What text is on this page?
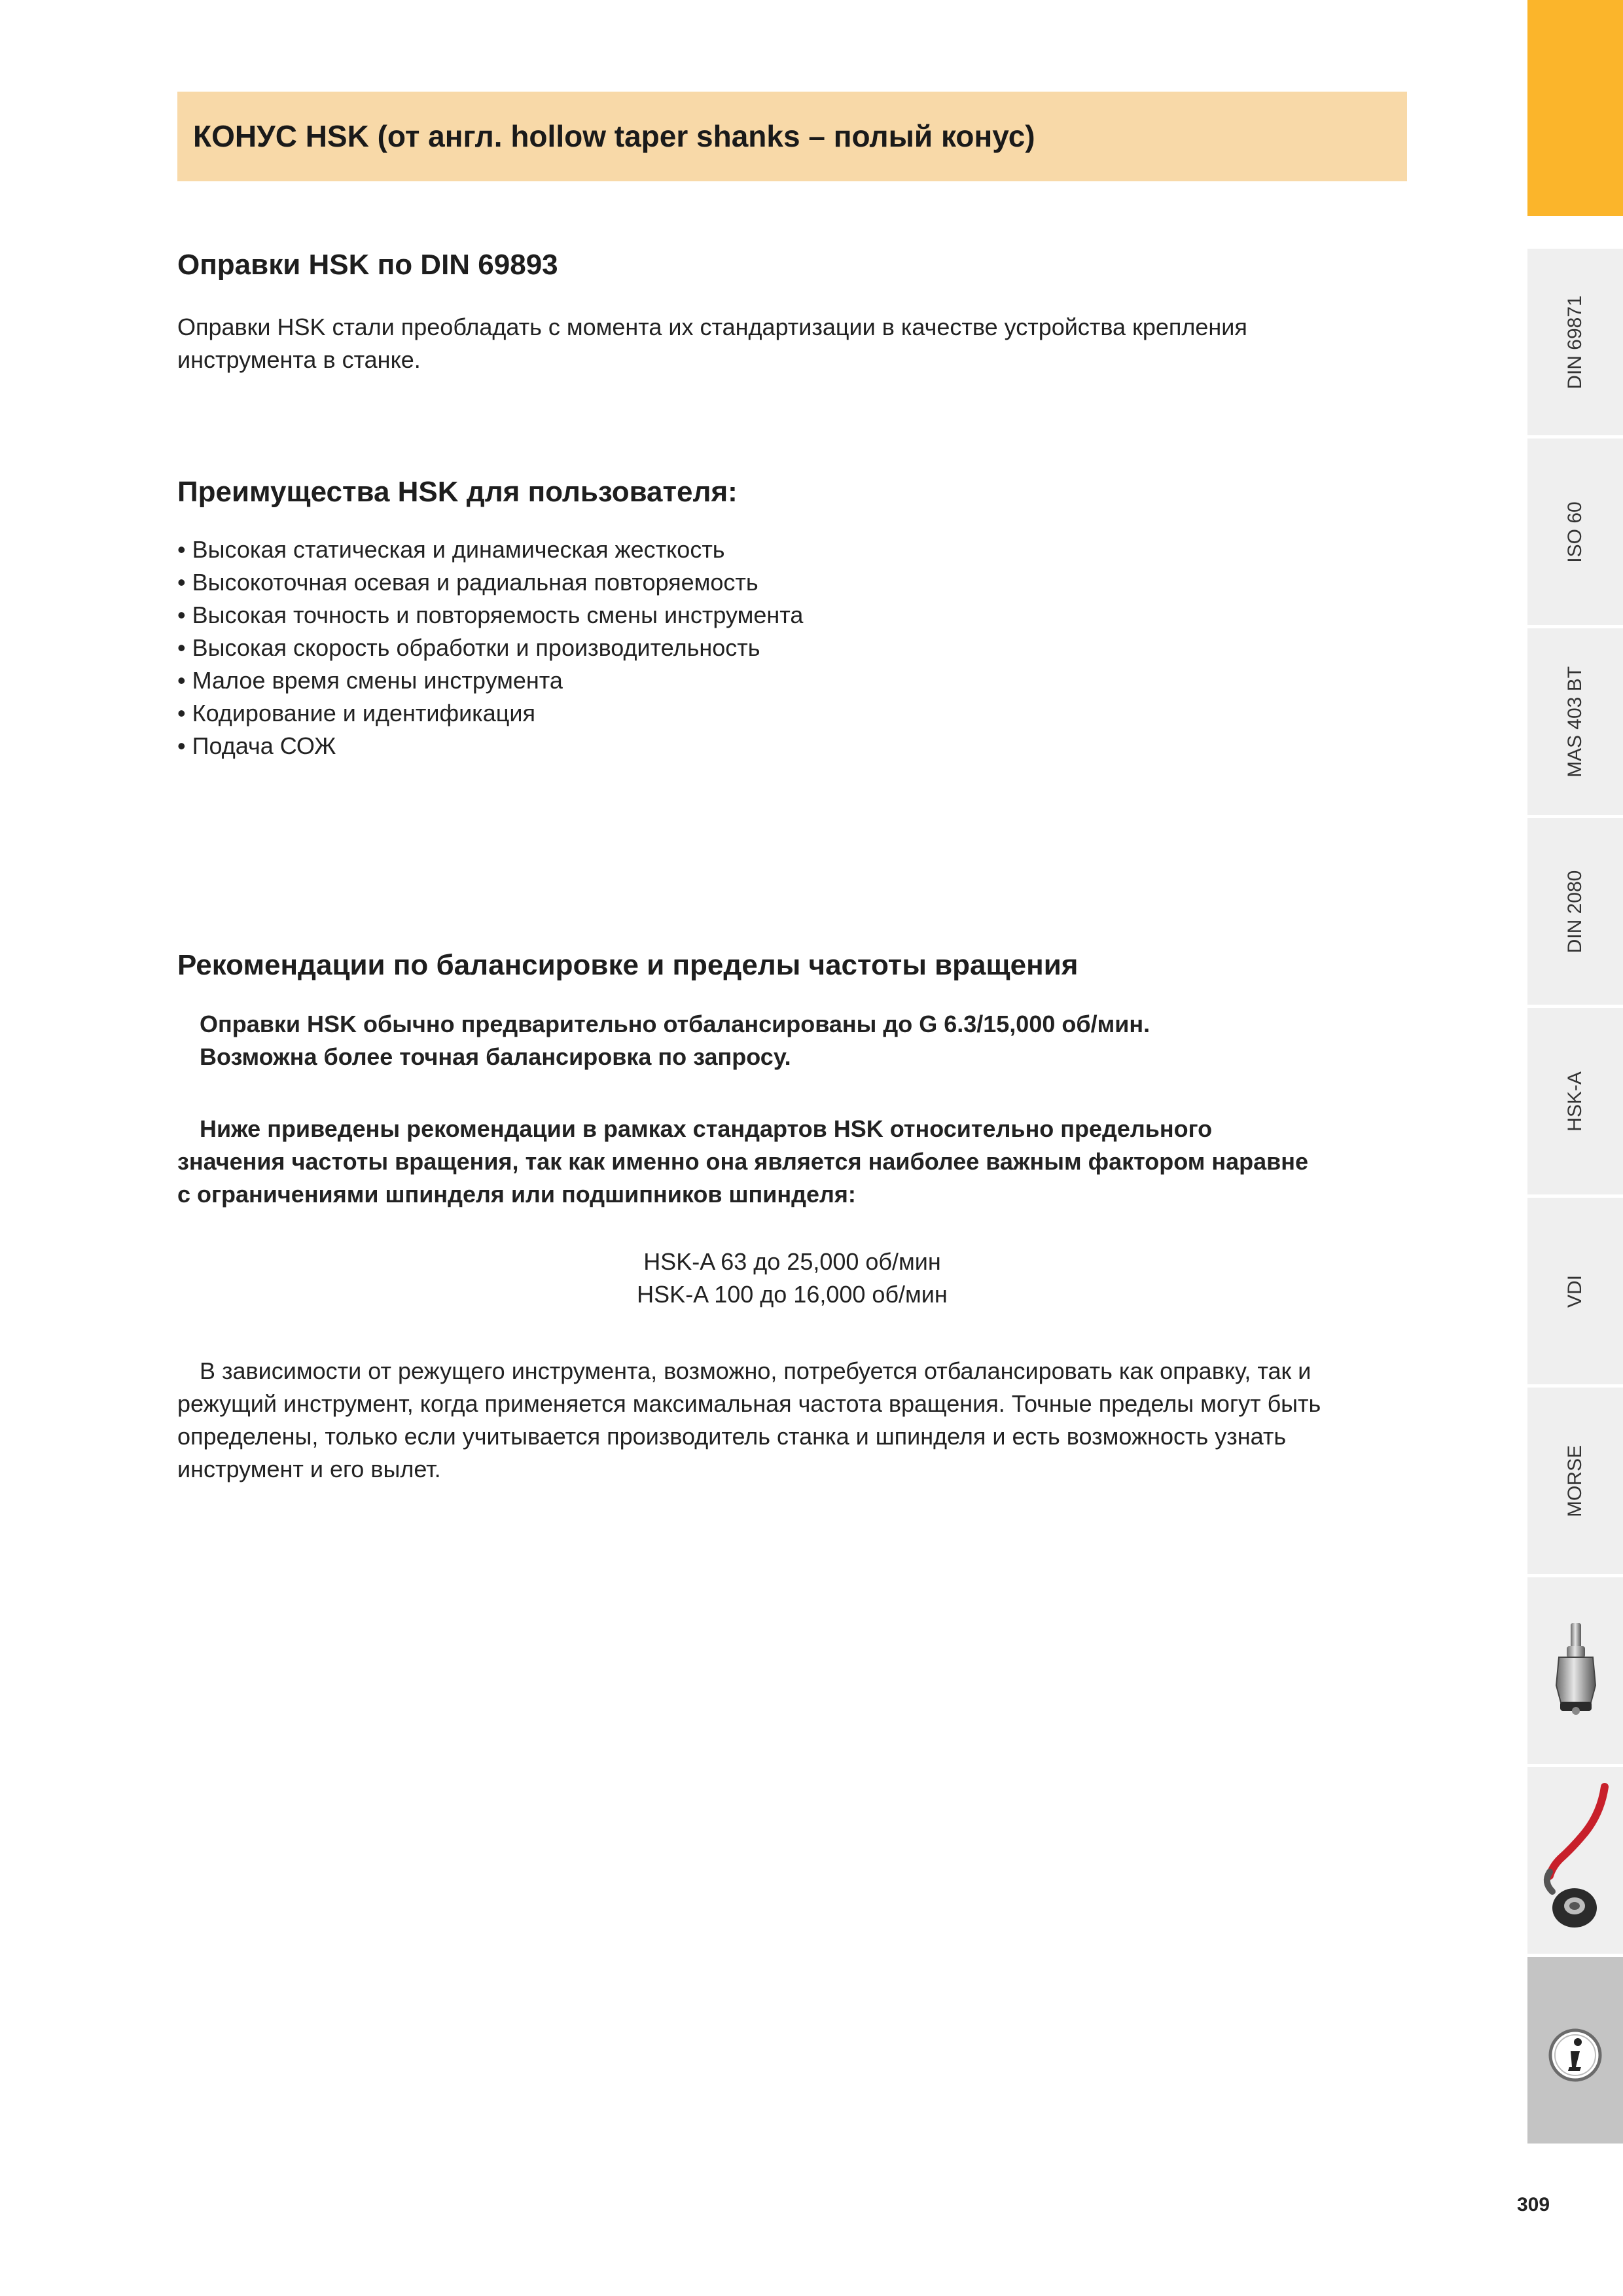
КОНУС HSK (от англ. hollow taper shanks – полый конус)
Оправки HSK по DIN 69893
Оправки HSK стали преобладать с момента их стандартизации в качестве устройства крепления
инструмента в станке.
Преимущества HSK для пользователя:
• Высокая статическая и динамическая жесткость
• Высокоточная осевая и радиальная повторяемость
• Высокая точность и повторяемость смены инструмента
• Высокая скорость обработки и производительность
• Малое время смены инструмента
• Кодирование и идентификация
• Подача СОЖ
Рекомендации по балансировке и пределы частоты вращения
Оправки HSK обычно предварительно отбалансированы до G 6.3/15,000 об/мин.
Возможна более точная балансировка по запросу.
Ниже приведены рекомендации в рамках стандартов HSK относительно предельного
значения частоты вращения, так как именно она является наиболее важным фактором наравне
с ограничениями шпинделя или подшипников шпинделя:
HSK-A 63 до 25,000 об/мин
HSK-A 100 до 16,000 об/мин
В зависимости от режущего инструмента, возможно, потребуется отбалансировать как оправку, так и
режущий инструмент, когда применяется максимальная частота вращения. Точные пределы могут быть
определены, только если учитывается производитель станка и шпинделя и есть возможность узнать
инструмент и его вылет.
DIN 69871
ISO 60
MAS 403 BT
DIN 2080
HSK-A
VDI
MORSE
309
